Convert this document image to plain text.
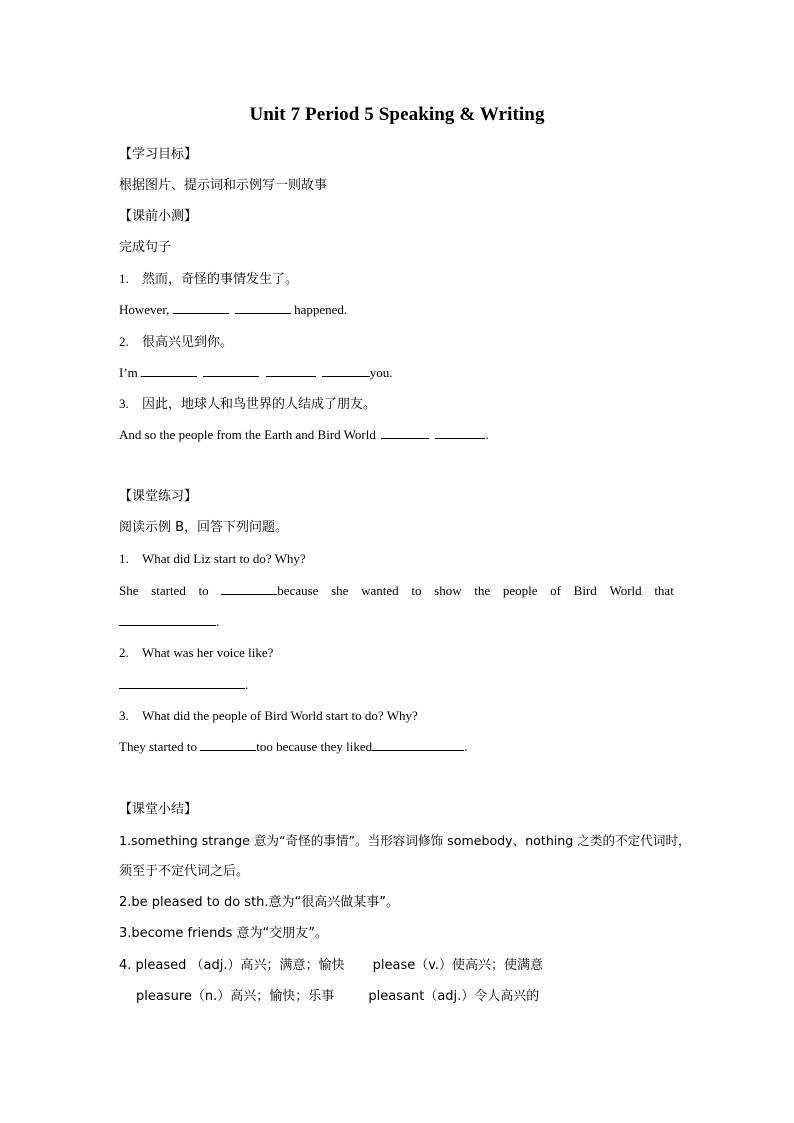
Unit 7 Period 5 Speaking & Writing
【学习目标】
根据图片、提示词和示例写一则故事
【课前小测】
完成句子
1. 然而，奇怪的事情发生了。
However,	happened.
2. 很高兴见到你。
I’m	you.
3. 因此，地球人和鸟世界的人结成了朋友。
And so the people from the Earth and Bird World	.
【课堂练习】
阅读示例 B，回答下列问题。
1. What did Liz start to do? Why?
She started to	because she wanted to show the people of Bird World that
.
2. What was her voice like?
.
3. What did the people of Bird World start to do? Why?
They started to	too because they liked	.
【课堂小结】
1.something strange 意为“奇怪的事情”。当形容词修饰 somebody、nothing 之类的不定代词时，
须至于不定代词之后。
2.be pleased to do sth.意为“很高兴做某事”。
3.become friends 意为“交朋友”。
4. pleased （adj.）高兴；满意；愉快 please（v.）使高兴；使满意
pleasure（n.）高兴；愉快；乐事	pleasant（adj.）令人高兴的
